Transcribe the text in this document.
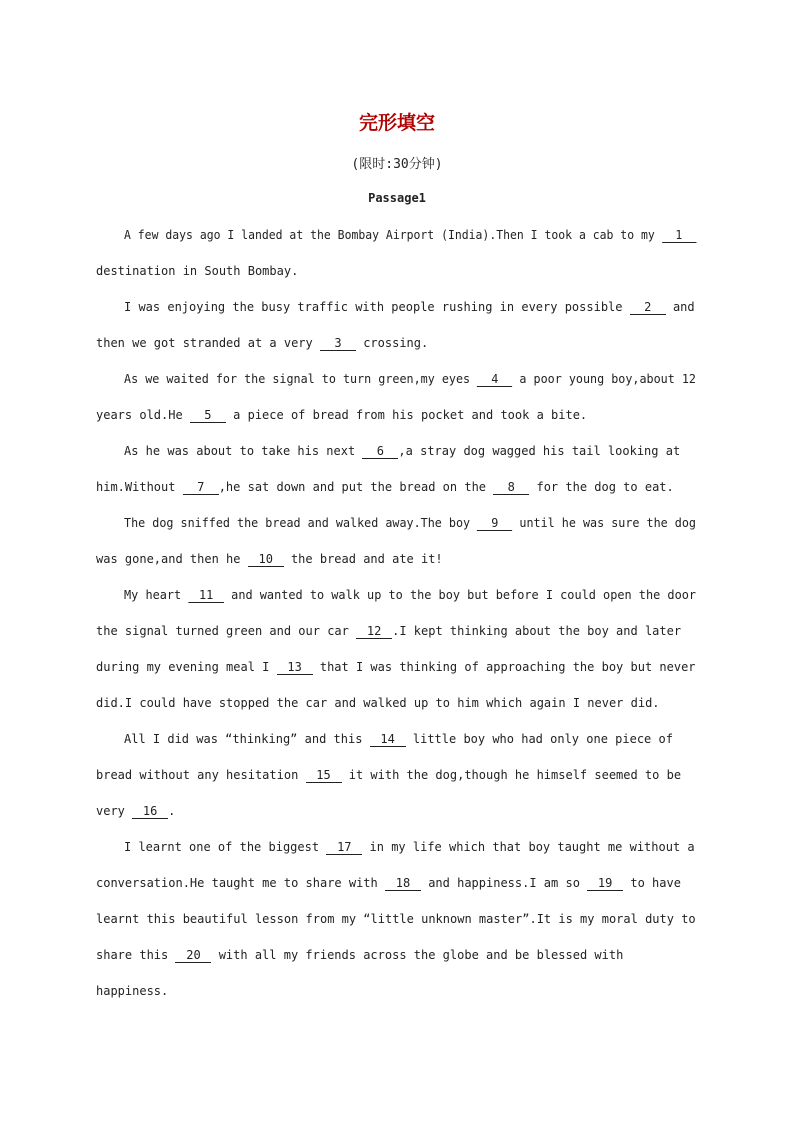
完形填空
(限时:30分钟)
Passage1
A few days ago I landed at the Bombay Airport (India).Then I took a cab to my 1
destination in South Bombay.
I was enjoying the busy traffic with people rushing in every possible 2 and
then we got stranded at a very 3 crossing.
As we waited for the signal to turn green,my eyes 4 a poor young boy,about 12
years old.He 5 a piece of bread from his pocket and took a bite.
As he was about to take his next 6 ,a stray dog wagged his tail looking at
him.Without 7 ,he sat down and put the bread on the 8 for the dog to eat.
The dog sniffed the bread and walked away.The boy 9 until he was sure the dog
was gone,and then he 10 the bread and ate it!
My heart 11 and wanted to walk up to the boy but before I could open the door
the signal turned green and our car 12 .I kept thinking about the boy and later
during my evening meal I 13 that I was thinking of approaching the boy but never
did.I could have stopped the car and walked up to him which again I never did.
All I did was “thinking” and this 14 little boy who had only one piece of
bread without any hesitation 15 it with the dog,though he himself seemed to be
very 16 .
I learnt one of the biggest 17 in my life which that boy taught me without a
conversation.He taught me to share with 18 and happiness.I am so 19 to have
learnt this beautiful lesson from my “little unknown master”.It is my moral duty to
share this 20 with all my friends across the globe and be blessed with
happiness.
